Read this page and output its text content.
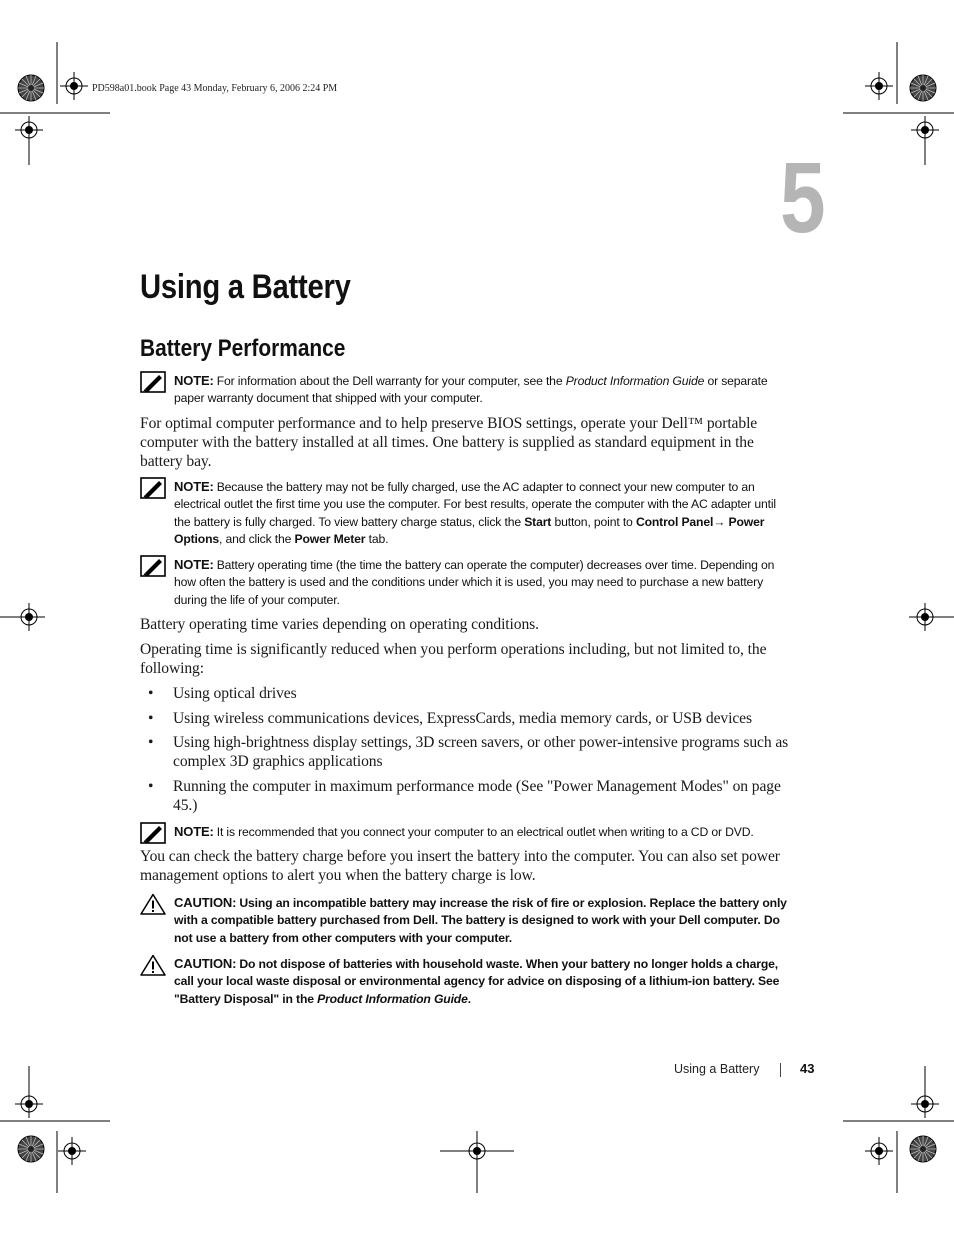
PD598a01.book Page 43 Monday, February 6, 2006 2:24 PM
5
Using a Battery
Battery Performance
NOTE: For information about the Dell warranty for your computer, see the Product Information Guide or separate paper warranty document that shipped with your computer.

For optimal computer performance and to help preserve BIOS settings, operate your Dell™ portable computer with the battery installed at all times. One battery is supplied as standard equipment in the battery bay.

NOTE: Because the battery may not be fully charged, use the AC adapter to connect your new computer to an electrical outlet the first time you use the computer. For best results, operate the computer with the AC adapter until the battery is fully charged. To view battery charge status, click the Start button, point to Control Panel→ Power Options, and click the Power Meter tab.
NOTE: Battery operating time (the time the battery can operate the computer) decreases over time. Depending on how often the battery is used and the conditions under which it is used, you may need to purchase a new battery during the life of your computer.

Battery operating time varies depending on operating conditions.

Operating time is significantly reduced when you perform operations including, but not limited to, the following:

• Using optical drives
• Using wireless communications devices, ExpressCards, media memory cards, or USB devices
• Using high-brightness display settings, 3D screen savers, or other power-intensive programs such as complex 3D graphics applications
• Running the computer in maximum performance mode (See "Power Management Modes" on page 45.)
NOTE: It is recommended that you connect your computer to an electrical outlet when writing to a CD or DVD.

You can check the battery charge before you insert the battery into the computer. You can also set power management options to alert you when the battery charge is low.

CAUTION: Using an incompatible battery may increase the risk of fire or explosion. Replace the battery only with a compatible battery purchased from Dell. The battery is designed to work with your Dell computer. Do not use a battery from other computers with your computer.
CAUTION: Do not dispose of batteries with household waste. When your battery no longer holds a charge, call your local waste disposal or environmental agency for advice on disposing of a lithium-ion battery. See "Battery Disposal" in the Product Information Guide.
Using a Battery	43
